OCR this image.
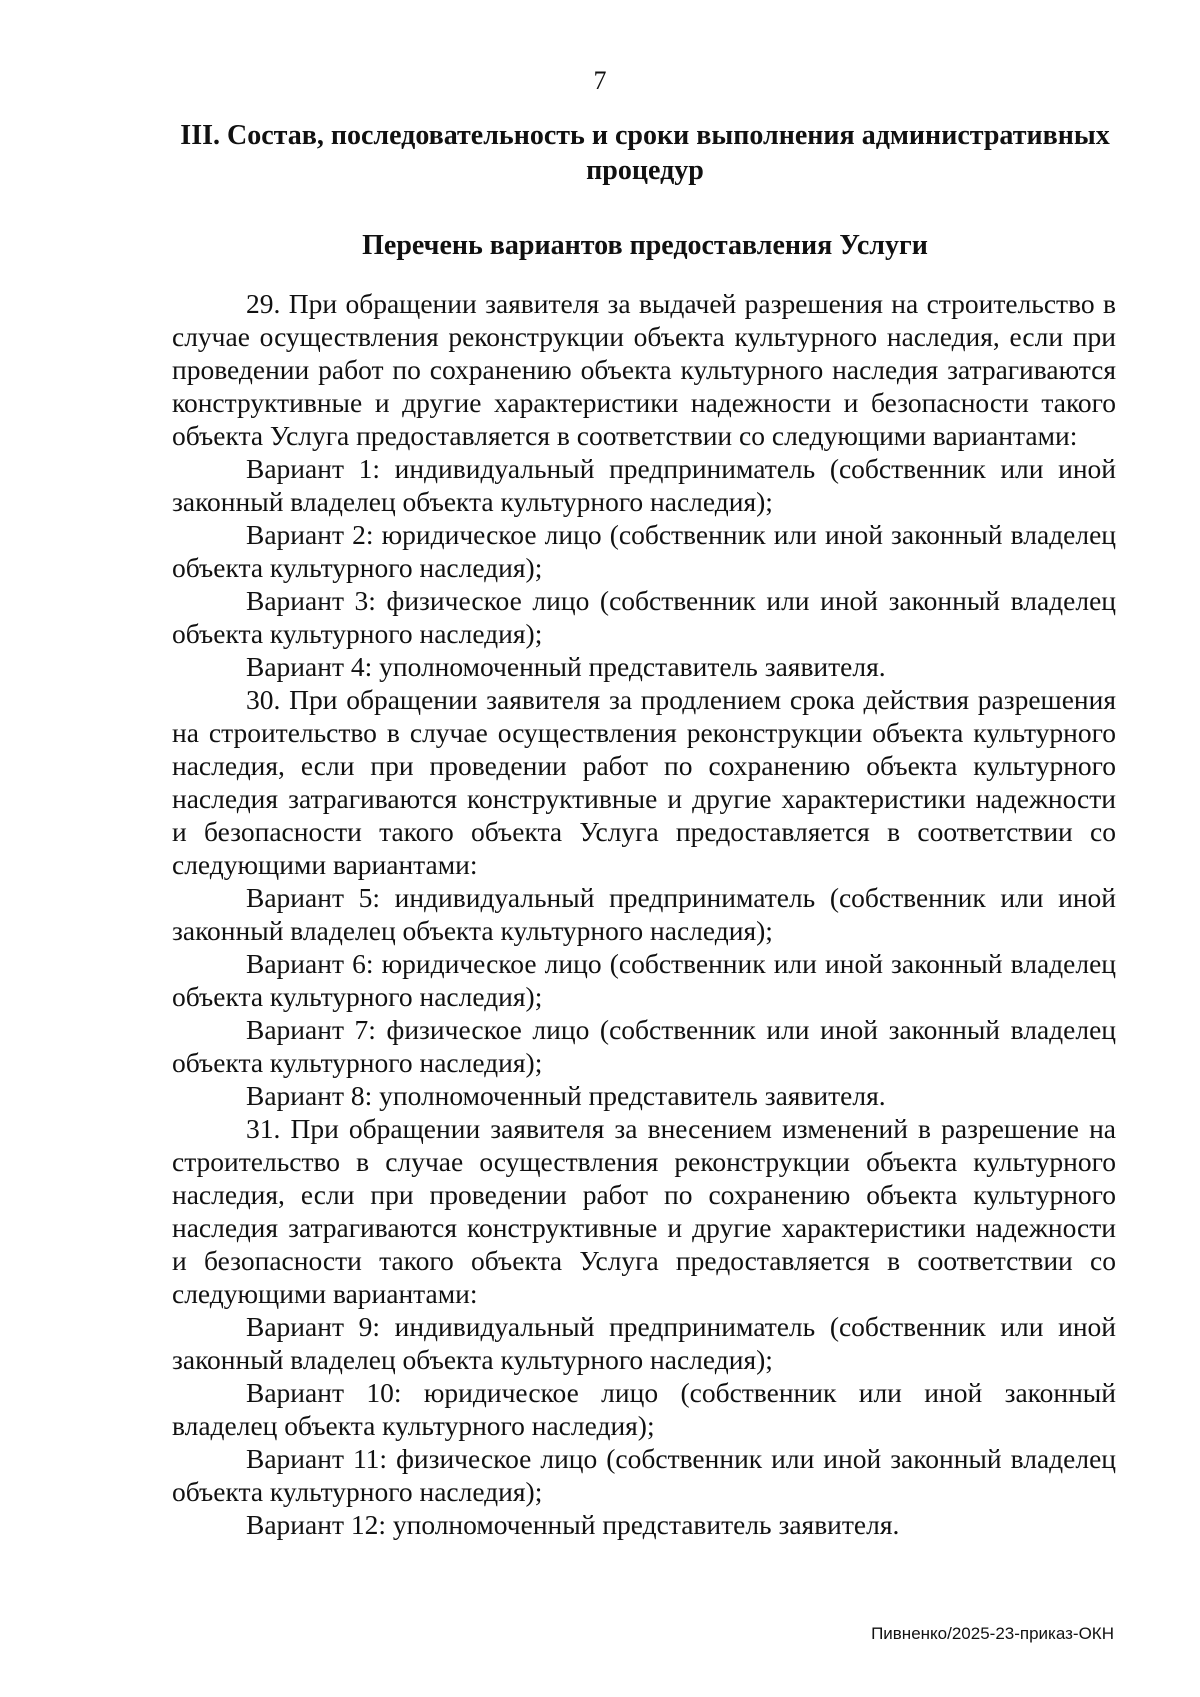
7
III. Состав, последовательность и сроки выполнения административных процедур
Перечень вариантов предоставления Услуги

29. При обращении заявителя за выдачей разрешения на строительство в случае осуществления реконструкции объекта культурного наследия, если при проведении работ по сохранению объекта культурного наследия затрагиваются конструктивные и другие характеристики надежности и безопасности такого объекта Услуга предоставляется в соответствии со следующими вариантами:

Вариант 1: индивидуальный предприниматель (собственник или иной законный владелец объекта культурного наследия);

Вариант 2: юридическое лицо (собственник или иной законный владелец объекта культурного наследия);

Вариант 3: физическое лицо (собственник или иной законный владелец объекта культурного наследия);

Вариант 4: уполномоченный представитель заявителя.

30. При обращении заявителя за продлением срока действия разрешения на строительство в случае осуществления реконструкции объекта культурного наследия, если при проведении работ по сохранению объекта культурного наследия затрагиваются конструктивные и другие характеристики надежности и безопасности такого объекта Услуга предоставляется в соответствии со следующими вариантами:

Вариант 5: индивидуальный предприниматель (собственник или иной законный владелец объекта культурного наследия);

Вариант 6: юридическое лицо (собственник или иной законный владелец объекта культурного наследия);

Вариант 7: физическое лицо (собственник или иной законный владелец объекта культурного наследия);

Вариант 8: уполномоченный представитель заявителя.

31. При обращении заявителя за внесением изменений в разрешение на строительство в случае осуществления реконструкции объекта культурного наследия, если при проведении работ по сохранению объекта культурного наследия затрагиваются конструктивные и другие характеристики надежности и безопасности такого объекта Услуга предоставляется в соответствии со следующими вариантами:

Вариант 9: индивидуальный предприниматель (собственник или иной законный владелец объекта культурного наследия);

Вариант 10: юридическое лицо (собственник или иной законный владелец объекта культурного наследия);

Вариант 11: физическое лицо (собственник или иной законный владелец объекта культурного наследия);

Вариант 12: уполномоченный представитель заявителя.

Пивненко/2025-23-приказ-ОКН
